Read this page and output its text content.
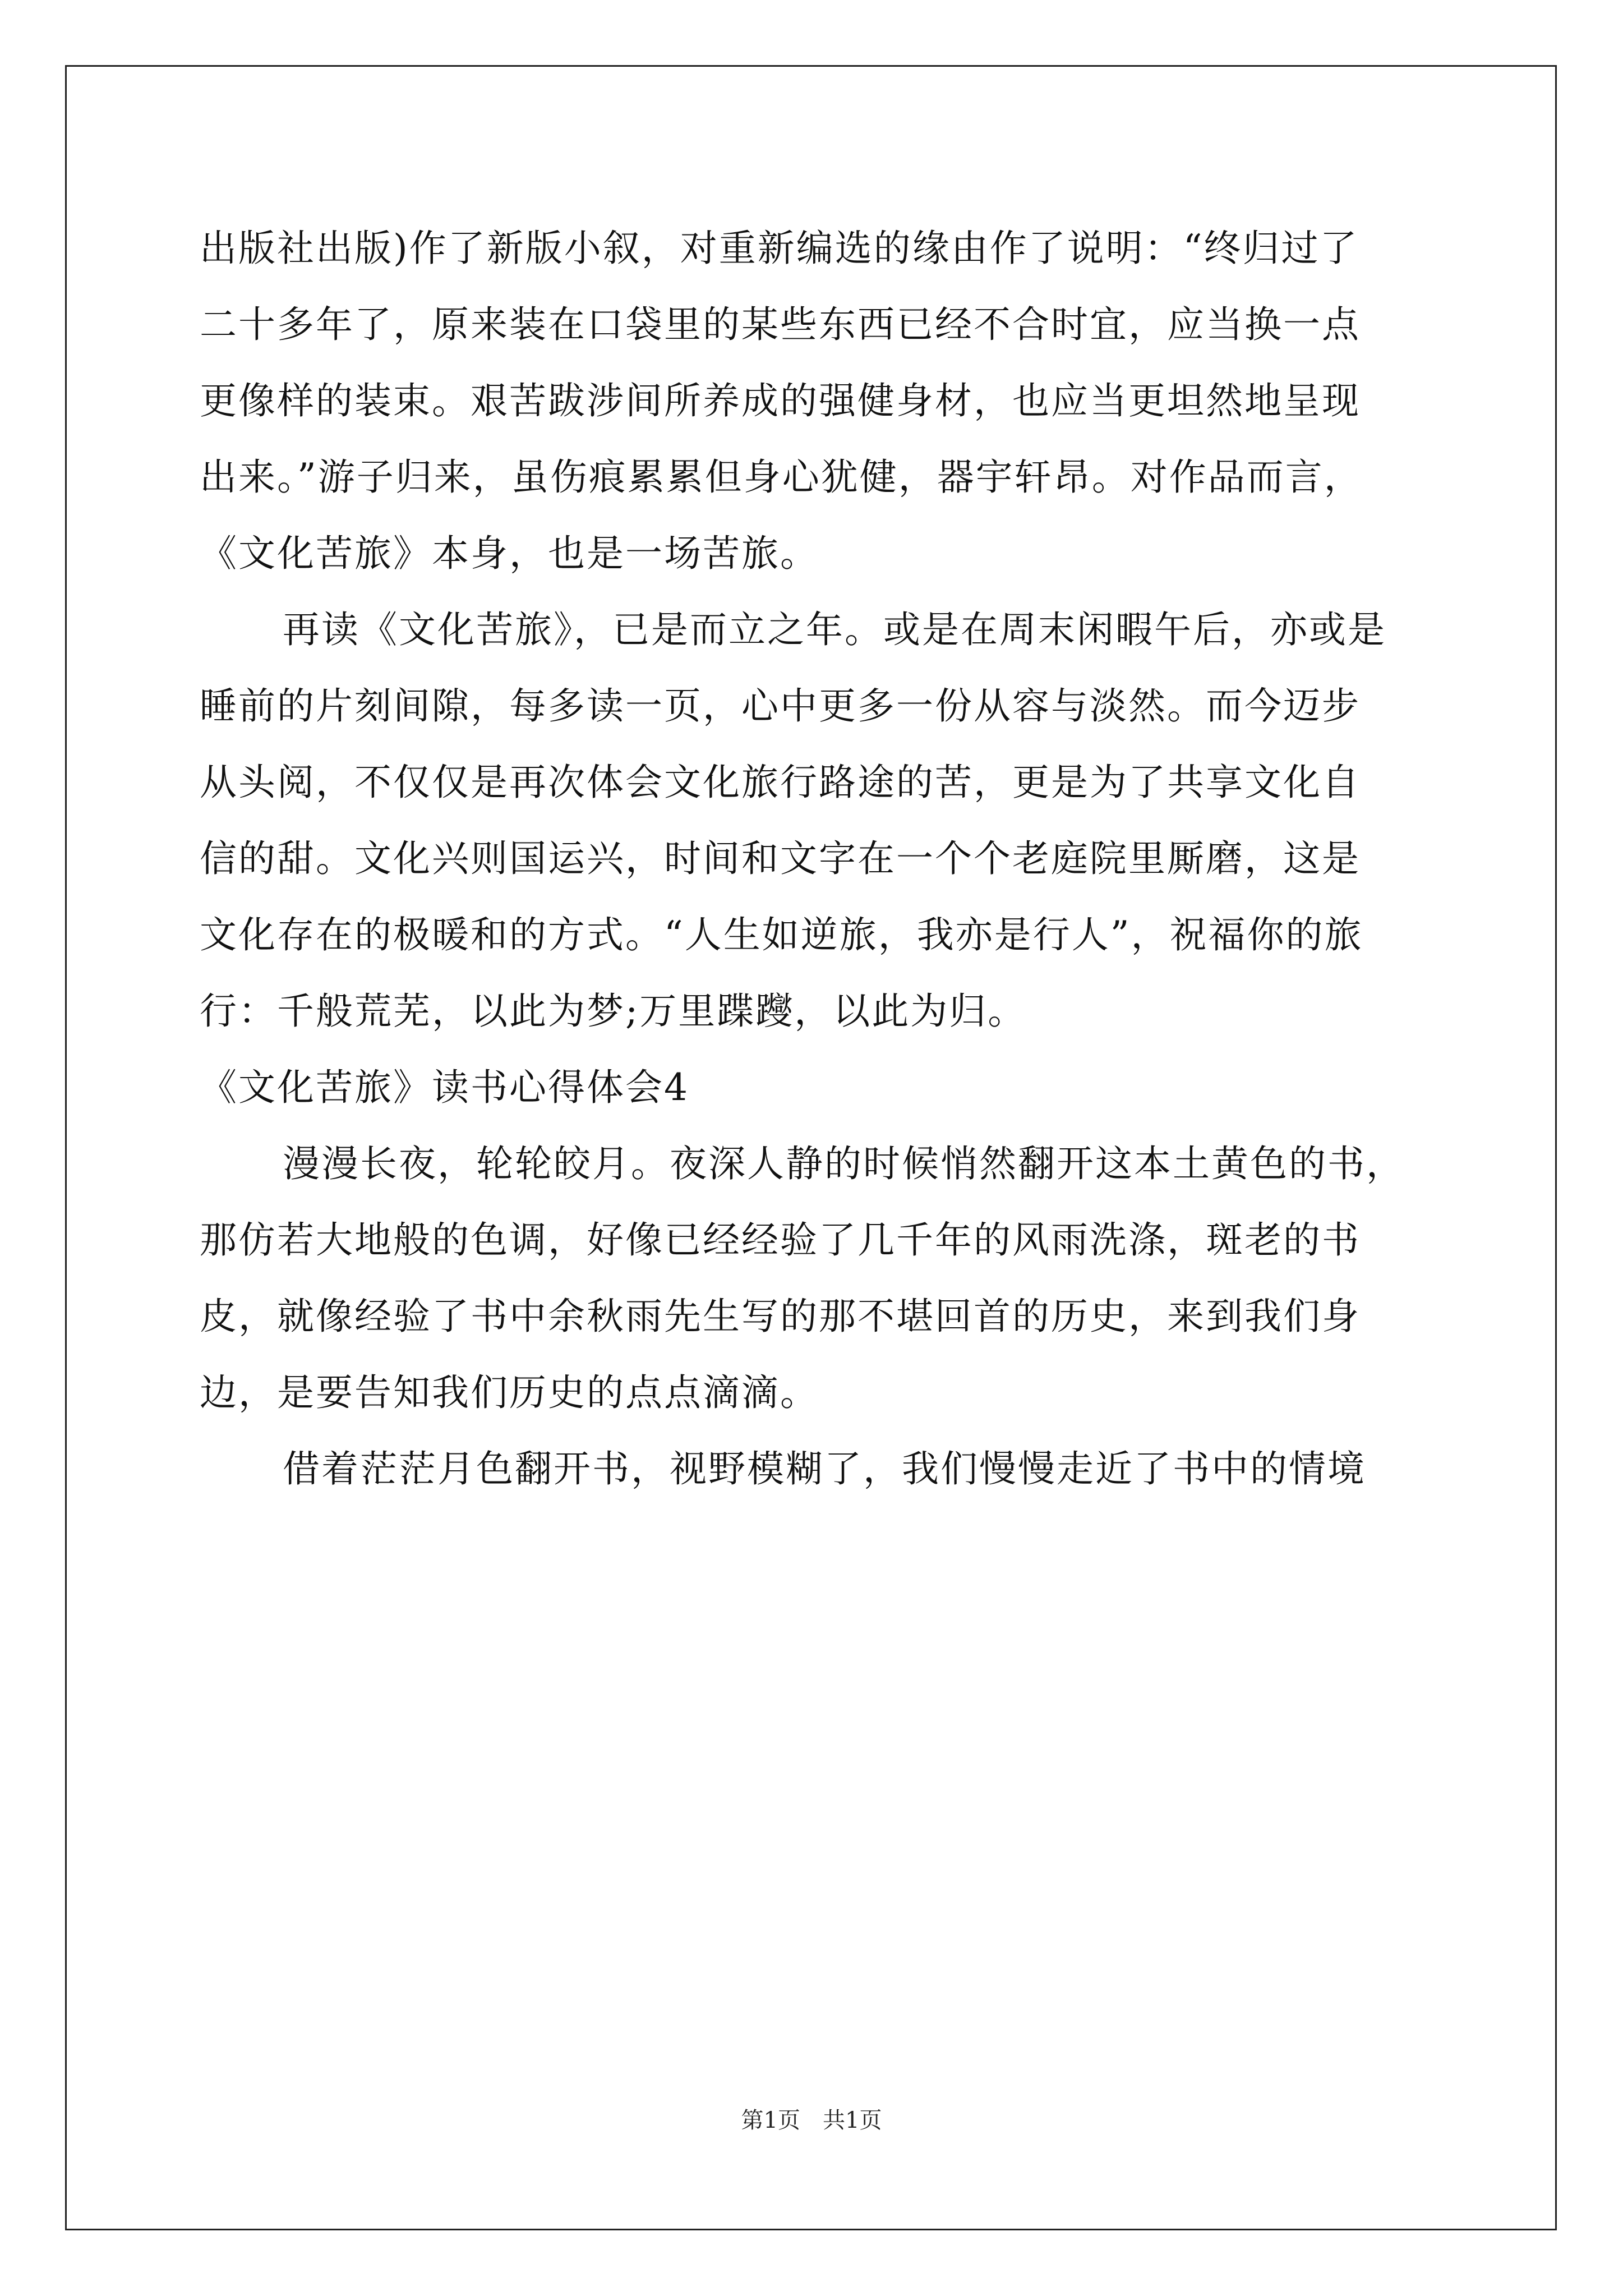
出版社出版)作了新版小叙，对重新编选的缘由作了说明：“终归过了
二十多年了，原来装在口袋里的某些东西已经不合时宜，应当换一点
更像样的装束。艰苦跋涉间所养成的强健身材，也应当更坦然地呈现
出来。”游子归来，虽伤痕累累但身心犹健，器宇轩昂。对作品而言，
《文化苦旅》本身，也是一场苦旅。
再读《文化苦旅》，已是而立之年。或是在周末闲暇午后，亦或是
睡前的片刻间隙，每多读一页，心中更多一份从容与淡然。而今迈步
从头阅，不仅仅是再次体会文化旅行路途的苦，更是为了共享文化自
信的甜。文化兴则国运兴，时间和文字在一个个老庭院里厮磨，这是
文化存在的极暖和的方式。“人生如逆旅，我亦是行人”，祝福你的旅
行：千般荒芜，以此为梦;万里蹀躞，以此为归。
《文化苦旅》读书心得体会4
漫漫长夜，轮轮皎月。夜深人静的时候悄然翻开这本土黄色的书，
那仿若大地般的色调，好像已经经验了几千年的风雨洗涤，斑老的书
皮，就像经验了书中余秋雨先生写的那不堪回首的历史，来到我们身
边，是要告知我们历史的点点滴滴。
借着茫茫月色翻开书，视野模糊了，我们慢慢走近了书中的情境
第1页 共1页
